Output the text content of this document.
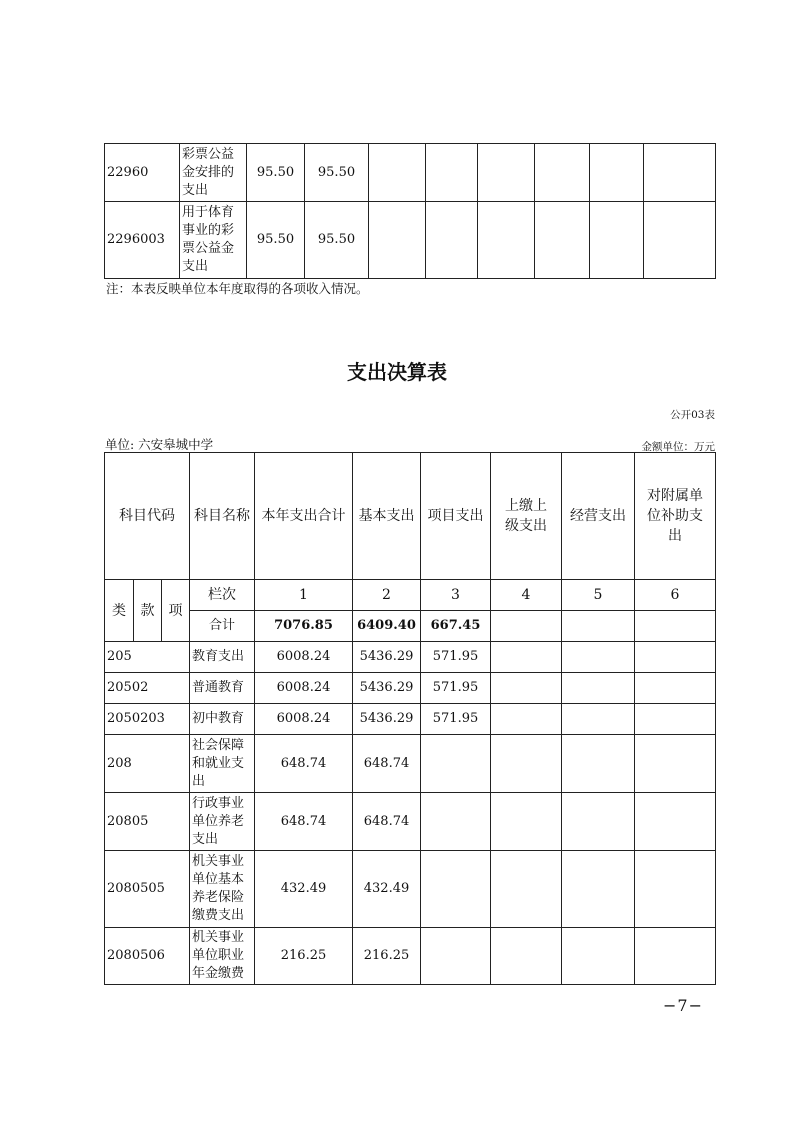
22960	彩票公益金安排的支出	95.50	95.50						
2296003	用于体育事业的彩票公益金支出	95.50	95.50						
注：本表反映单位本年度取得的各项收入情况。
支出决算表
公开03表
单位: 六安皋城中学	金额单位：万元
科目代码			科目名称	本年支出合计	基本支出	项目支出	上缴上级支出	经营支出	对附属单位补助支出
类	款	项	栏次	1	2	3	4	5	6
			合计	7076.85	6409.40	667.45			
205			教育支出	6008.24	5436.29	571.95			
20502			普通教育	6008.24	5436.29	571.95			
2050203			初中教育	6008.24	5436.29	571.95			
208			社会保障和就业支出	648.74	648.74				
20805			行政事业单位养老支出	648.74	648.74				
2080505			机关事业单位基本养老保险缴费支出	432.49	432.49				
2080506			机关事业单位职业年金缴费	216.25	216.25				
−7−
